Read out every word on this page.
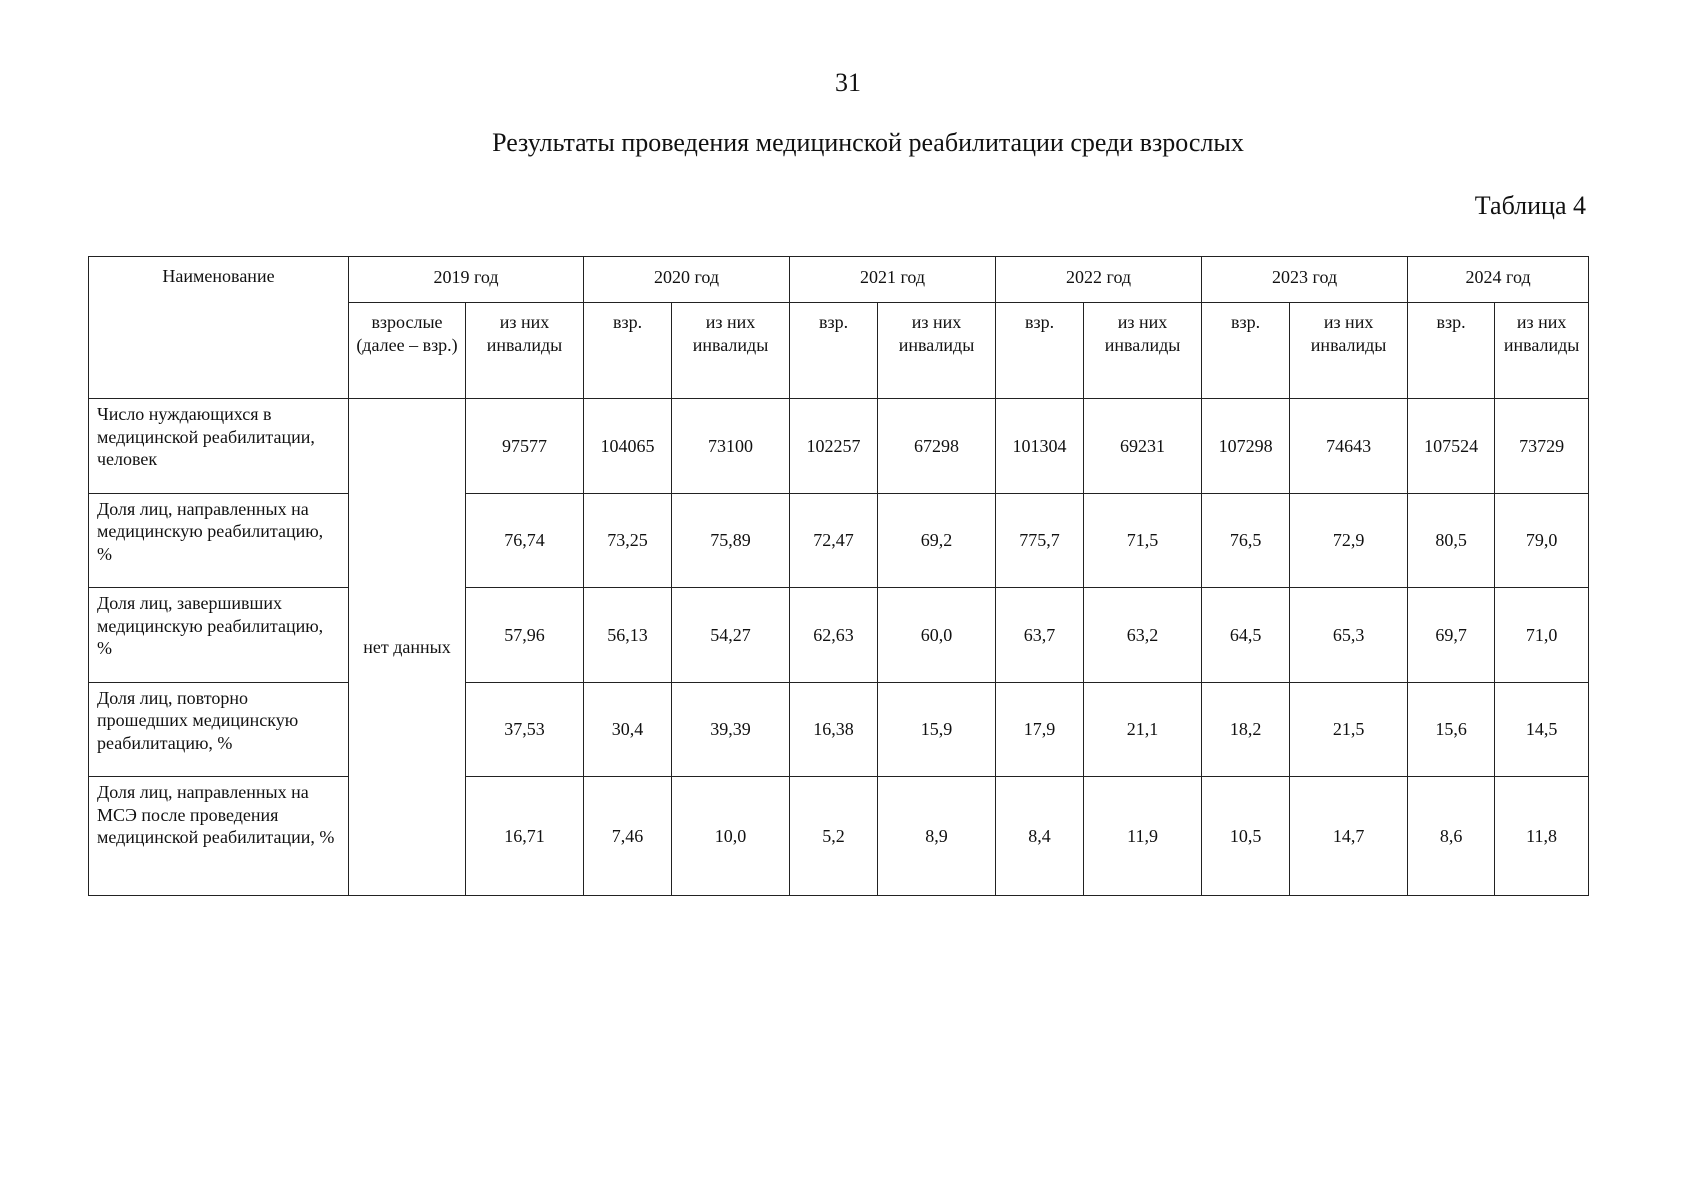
31
Результаты проведения медицинской реабилитации среди взрослых
Таблица 4
Наименование	2019 год		2020 год		2021 год		2022 год		2023 год		2024 год	
	взрослые (далее – взр.)	из них инвалиды	взр.	из них инвалиды	взр.	из них инвалиды	взр.	из них инвалиды	взр.	из них инвалиды	взр.	из них инвалиды
Число нуждающихся в медицинской реабилитации, человек	нет данных	97577	104065	73100	102257	67298	101304	69231	107298	74643	107524	73729
Доля лиц, направленных на медицинскую реабилитацию, %		76,74	73,25	75,89	72,47	69,2	775,7	71,5	76,5	72,9	80,5	79,0
Доля лиц, завершивших медицинскую реабилитацию, %		57,96	56,13	54,27	62,63	60,0	63,7	63,2	64,5	65,3	69,7	71,0
Доля лиц, повторно прошедших медицинскую реабилитацию, %		37,53	30,4	39,39	16,38	15,9	17,9	21,1	18,2	21,5	15,6	14,5
Доля лиц, направленных на МСЭ после проведения медицинской реабилитации, %		16,71	7,46	10,0	5,2	8,9	8,4	11,9	10,5	14,7	8,6	11,8
